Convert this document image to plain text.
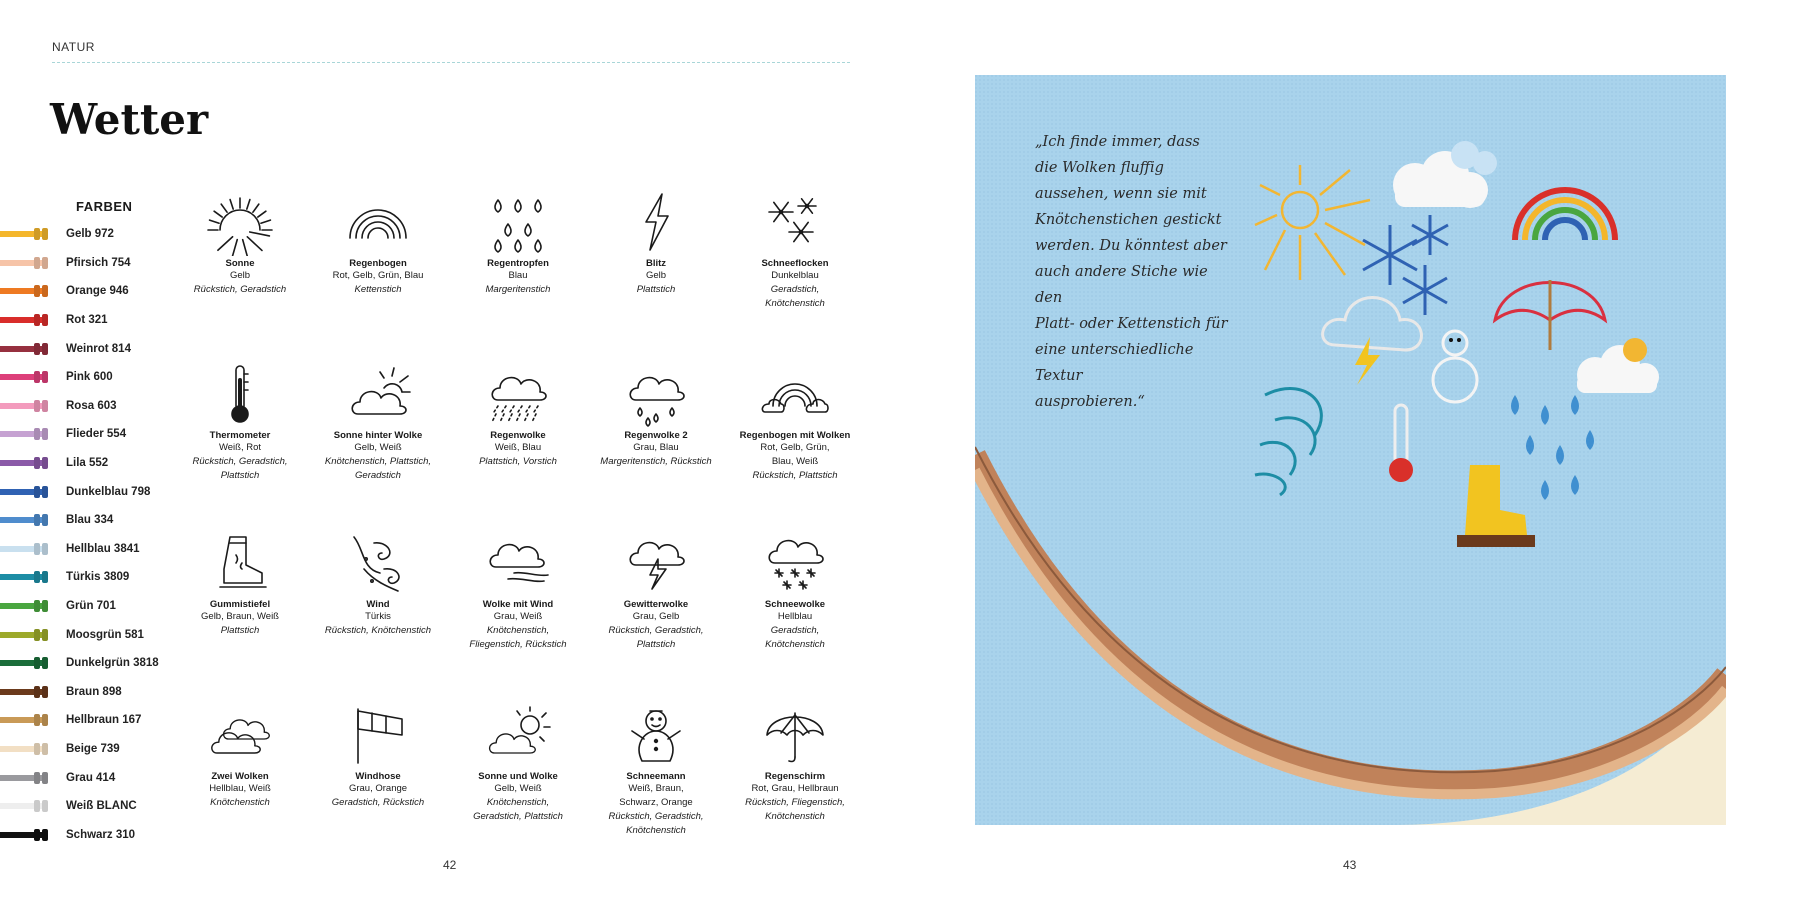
NATUR
Wetter
FARBEN
Gelb 972
Pfirsich 754
Orange 946
Rot 321
Weinrot 814
Pink 600
Rosa 603
Flieder 554
Lila 552
Dunkelblau 798
Blau 334
Hellblau 3841
Türkis 3809
Grün 701
Moosgrün 581
Dunkelgrün 3818
Braun 898
Hellbraun 167
Beige 739
Grau 414
Weiß BLANC
Schwarz 310
Sonne
Gelb
Rückstich, Geradstich
Regenbogen
Rot, Gelb, Grün, Blau
Kettenstich
Regentropfen
Blau
Margeritenstich
Blitz
Gelb
Plattstich
Schneeflocken
Dunkelblau
Geradstich,
Knötchenstich
Thermometer
Weiß, Rot
Rückstich, Geradstich,
Plattstich
Sonne hinter Wolke
Gelb, Weiß
Knötchenstich, Plattstich,
Geradstich
Regenwolke
Weiß, Blau
Plattstich, Vorstich
Regenwolke 2
Grau, Blau
Margeritenstich, Rückstich
Regenbogen mit Wolken
Rot, Gelb, Grün,
Blau, Weiß
Rückstich, Plattstich
Gummistiefel
Gelb, Braun, Weiß
Plattstich
Wind
Türkis
Rückstich, Knötchenstich
Wolke mit Wind
Grau, Weiß
Knötchenstich,
Fliegenstich, Rückstich
Gewitterwolke
Grau, Gelb
Rückstich, Geradstich,
Plattstich
Schneewolke
Hellblau
Geradstich,
Knötchenstich
Zwei Wolken
Hellblau, Weiß
Knötchenstich
Windhose
Grau, Orange
Geradstich, Rückstich
Sonne und Wolke
Gelb, Weiß
Knötchenstich,
Geradstich, Plattstich
Schneemann
Weiß, Braun,
Schwarz, Orange
Rückstich, Geradstich,
Knötchenstich
Regenschirm
Rot, Grau, Hellbraun
Rückstich, Fliegenstich,
Knötchenstich
42
„Ich finde immer, dass
die Wolken fluffig
aussehen, wenn sie mit
Knötchenstichen gestickt
werden. Du könntest aber
auch andere Stiche wie den
Platt- oder Kettenstich für
eine unterschiedliche Textur
ausprobieren.“
43
